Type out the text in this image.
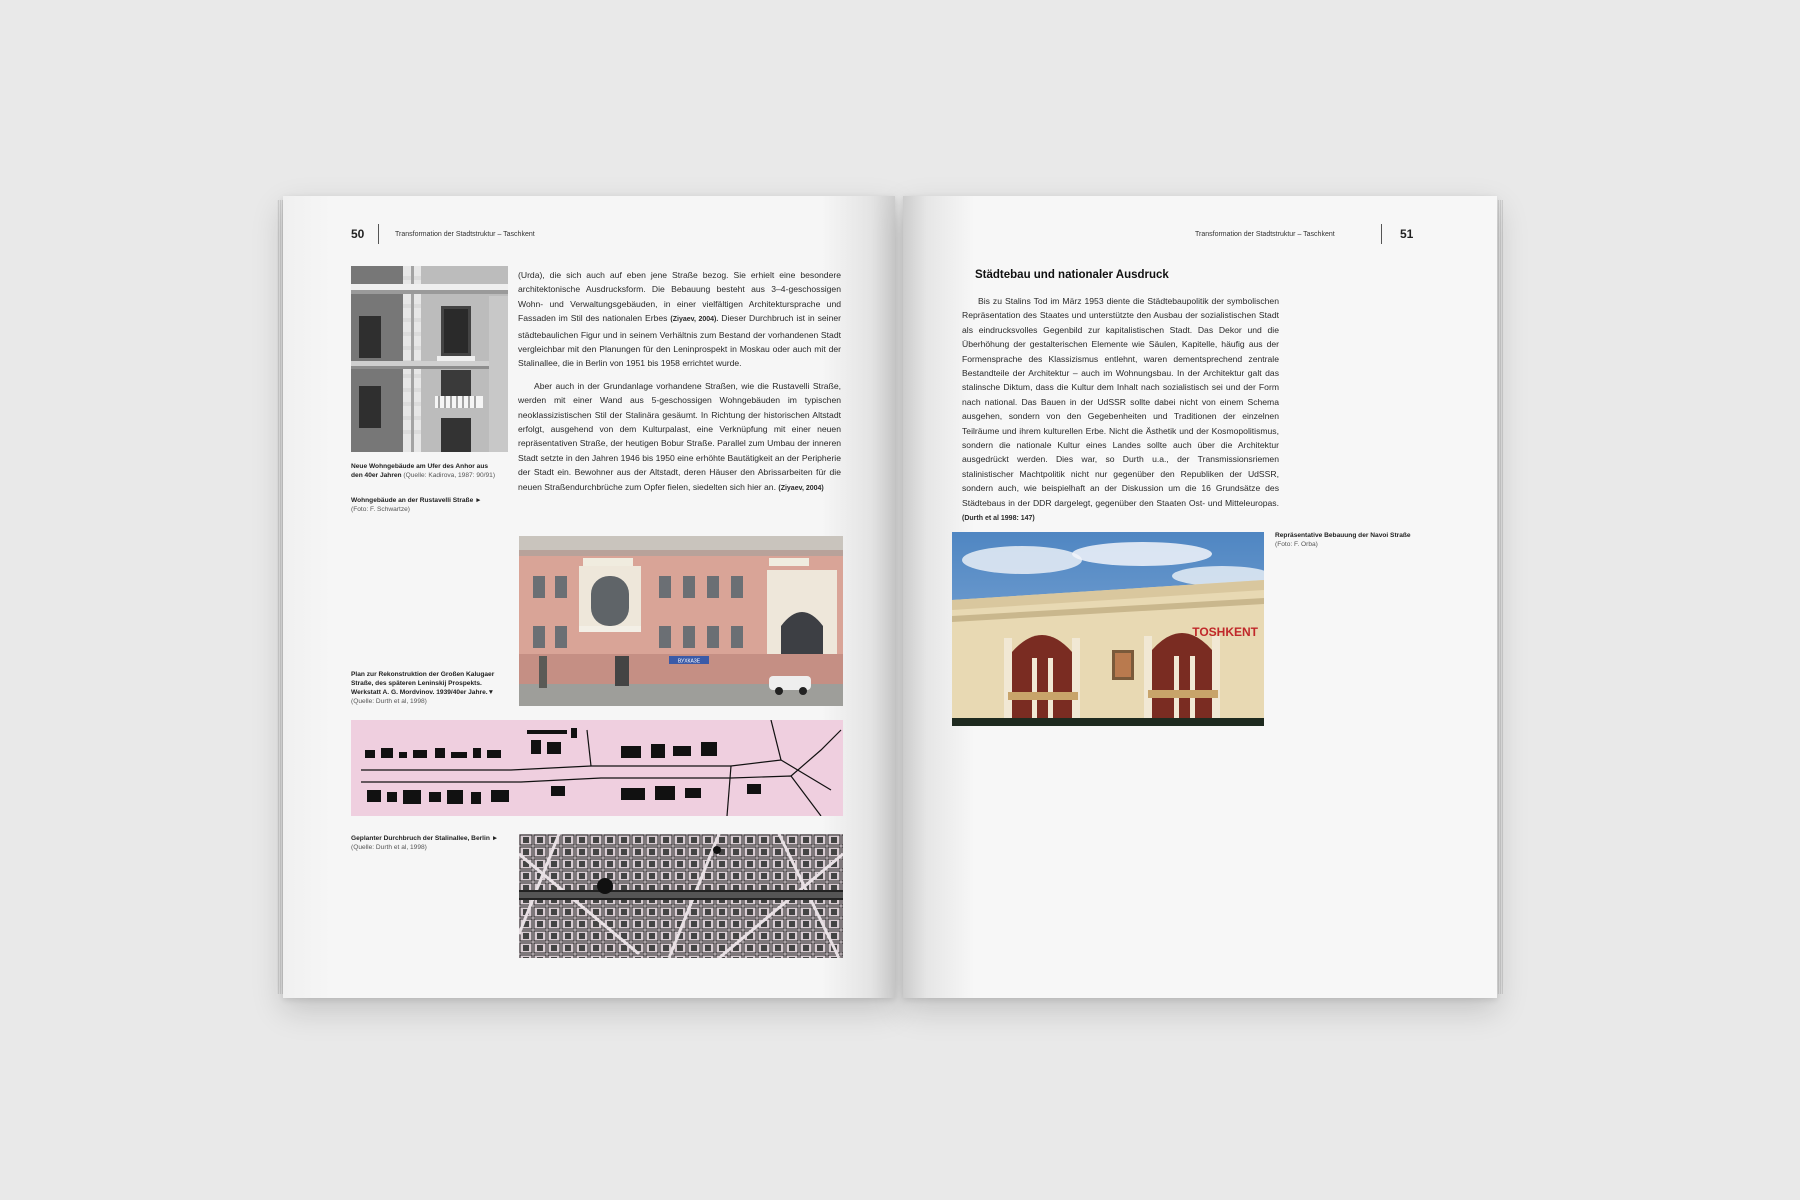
50	Transformation der Stadtstruktur – Taschkent
Neue Wohngebäude am Ufer des Anhor aus den 40er Jahren (Quelle: Kadirova, 1987: 90/91)
Wohngebäude an der Rustavelli Straße ►
(Foto: F. Schwartze)

(Urda), die sich auch auf eben jene Straße bezog. Sie erhielt eine besondere architektonische Ausdrucksform. Die Bebauung besteht aus 3–4-geschossigen Wohn- und Verwaltungsgebäuden, in einer vielfältigen Architektursprache und Fassaden im Stil des nationalen Erbes (Ziyaev, 2004). Dieser Durchbruch ist in seiner städtebaulichen Figur und in seinem Verhältnis zum Bestand der vorhandenen Stadt vergleichbar mit den Planungen für den Leninprospekt in Moskau oder auch mit der Stalinallee, die in Berlin von 1951 bis 1958 errichtet wurde.

Aber auch in der Grundanlage vorhandene Straßen, wie die Rustavelli Straße, werden mit einer Wand aus 5-geschossigen Wohngebäuden im typischen neoklassizistischen Stil der Stalinära gesäumt. In Richtung der historischen Altstadt erfolgt, ausgehend von dem Kulturpalast, eine Verknüpfung mit einer neuen repräsentativen Straße, der heutigen Bobur Straße. Parallel zum Umbau der inneren Stadt setzte in den Jahren 1946 bis 1950 eine erhöhte Bautätigkeit an der Peripherie der Stadt ein. Bewohner aus der Altstadt, deren Häuser den Abrissarbeiten für die neuen Straßendurchbrüche zum Opfer fielen, siedelten sich hier an. (Ziyaev, 2004)

ВУХКАЗЕ
Plan zur Rekonstruktion der Großen Kalugaer Straße, des späteren Leninskij Prospekts. Werkstatt A. G. Mordvinov. 1939/40er Jahre.▼
(Quelle: Durth et al, 1998)
Geplanter Durchbruch der Stalinallee, Berlin ►
(Quelle: Durth et al, 1998)
Transformation der Stadtstruktur – Taschkent	51
Städtebau und nationaler Ausdruck

Bis zu Stalins Tod im März 1953 diente die Städtebaupolitik der symbolischen Repräsentation des Staates und unterstützte den Ausbau der sozialistischen Stadt als eindrucksvolles Gegenbild zur kapitalistischen Stadt. Das Dekor und die Überhöhung der gestalterischen Elemente wie Säulen, Kapitelle, häufig aus der Formensprache des Klassizismus entlehnt, waren dementsprechend zentrale Bestandteile der Architektur – auch im Wohnungsbau. In der Architektur galt das stalinsche Diktum, dass die Kultur dem Inhalt nach sozialistisch sei und der Form nach national. Das Bauen in der UdSSR sollte dabei nicht von einem Schema ausgehen, sondern von den Gegebenheiten und Traditionen der einzelnen Teilräume und ihrem kulturellen Erbe. Nicht die Ästhetik und der Kosmopolitismus, sondern die nationale Kultur eines Landes sollte auch über die Architektur ausgedrückt werden. Dies war, so Durth u.a., der Transmissionsriemen stalinistischer Machtpolitik nicht nur gegenüber den Republiken der UdSSR, sondern auch, wie beispielhaft an der Diskussion um die 16 Grundsätze des Städtebaus in der DDR dargelegt, gegenüber den Staaten Ost- und Mitteleuropas. (Durth et al 1998: 147)

TOSHKENT
Repräsentative Bebauung der Navoi Straße
(Foto: F. Orba)
